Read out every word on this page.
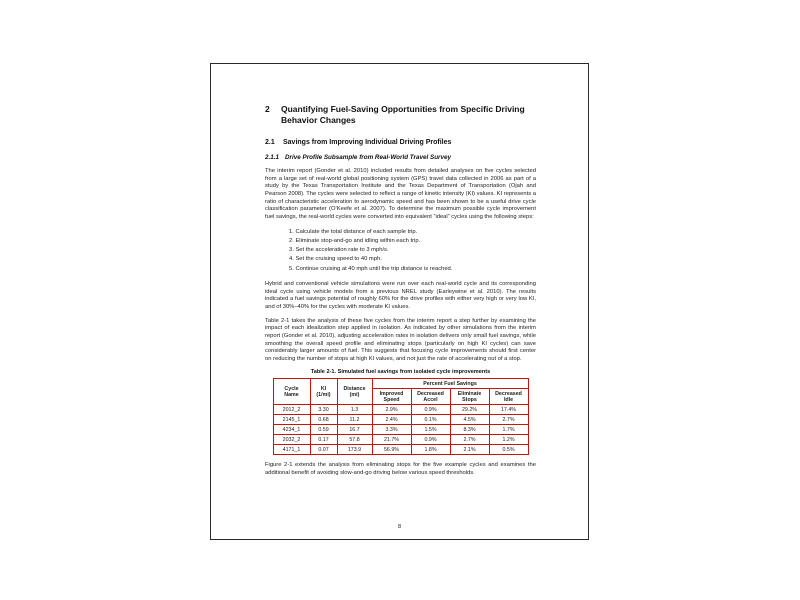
2	Quantifying Fuel-Saving Opportunities from Specific Driving Behavior Changes
2.1	Savings from Improving Individual Driving Profiles
2.1.1 Drive Profile Subsample from Real-World Travel Survey

The interim report (Gonder et al. 2010) included results from detailed analyses on five cycles selected from a large set of real-world global positioning system (GPS) travel data collected in 2006 as part of a study by the Texas Transportation Institute and the Texas Department of Transportation (Ojah and Pearson 2008). The cycles were selected to reflect a range of kinetic intensity (KI) values. KI represents a ratio of characteristic acceleration to aerodynamic speed and has been shown to be a useful drive cycle classification parameter (O’Keefe et al. 2007). To determine the maximum possible cycle improvement fuel savings, the real-world cycles were converted into equivalent “ideal” cycles using the following steps:

1. Calculate the total distance of each sample trip.
2. Eliminate stop-and-go and idling within each trip.
3. Set the acceleration rate to 3 mph/s.
4. Set the cruising speed to 40 mph.
5. Continue cruising at 40 mph until the trip distance is reached.

Hybrid and conventional vehicle simulations were run over each real-world cycle and its corresponding ideal cycle using vehicle models from a previous NREL study (Earleywine et al. 2010). The results indicated a fuel savings potential of roughly 60% for the drive profiles with either very high or very low KI, and of 30%–40% for the cycles with moderate KI values.

Table 2-1 takes the analysis of these five cycles from the interim report a step further by examining the impact of each idealization step applied in isolation. As indicated by other simulations from the interim report (Gonder et al. 2010), adjusting acceleration rates in isolation delivers only small fuel savings, while smoothing the overall speed profile and eliminating stops (particularly on high KI cycles) can save considerably larger amounts of fuel. This suggests that focusing cycle improvements should first center on reducing the number of stops at high KI values, and not just the rate of accelerating out of a stop.

Table 2-1. Simulated fuel savings from isolated cycle improvements
Cycle Name	KI (1/mi)	Distance (mi)	Percent Fuel Savings			
			Improved Speed	Decreased Accel	Eliminate Stops	Decreased Idle
2012_2	3.30	1.3	2.9%	0.9%	29.2%	17.4%
2145_1	0.68	11.2	2.4%	0.1%	4.5%	2.7%
4234_1	0.59	16.7	3.3%	1.5%	8.3%	1.7%
2032_2	0.17	57.8	21.7%	0.9%	2.7%	1.2%
4171_1	0.07	173.9	56.9%	1.8%	2.1%	0.5%

Figure 2-1 extends the analysis from eliminating stops for the five example cycles and examines the additional benefit of avoiding slow-and-go driving below various speed thresholds.

8
